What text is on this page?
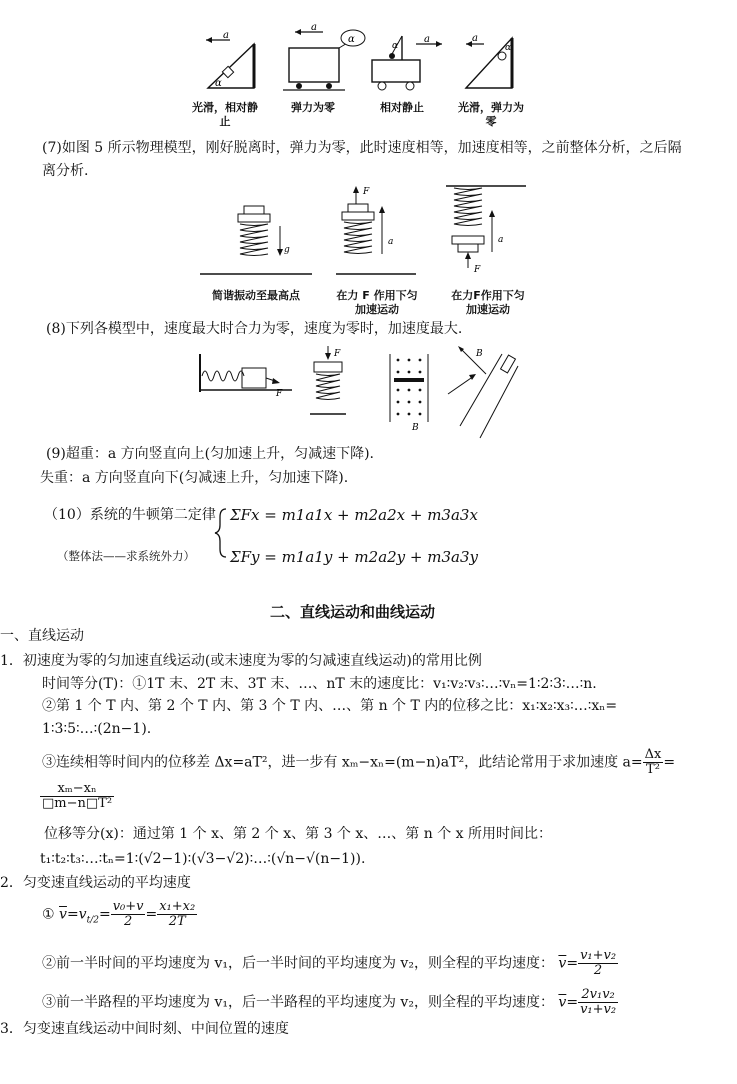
a
α
a
α
α
a	a
α
光滑，相对静止
弹力为零	相对静止	光滑，弹力为零
(7)如图 5 所示物理模型，刚好脱离时，弹力为零，此时速度相等，加速度相等，之前整体分析，之后隔离分析.
g
F
a
F
a
简谐振动至最高点	在力 F 作用下匀加速运动
在力F作用下匀加速运动
(8)下列各模型中，速度最大时合力为零，速度为零时，加速度最大.
F
F
B
B
(9)超重：a 方向竖直向上(匀加速上升，匀减速下降).
失重：a 方向竖直向下(匀减速上升，匀加速下降).
（10）系统的牛顿第二定律
（整体法——求系统外力）
ΣFx = m1a1x + m2a2x + m3a3x
ΣFy = m1a1y + m2a2y + m3a3y
二、直线运动和曲线运动
一、直线运动
1．初速度为零的匀加速直线运动(或末速度为零的匀减速直线运动)的常用比例
时间等分(T)：①1T 末、2T 末、3T 末、…、nT 末的速度比：v₁∶v₂∶v₃∶…∶vₙ=1∶2∶3∶…∶n.
②第 1 个 T 内、第 2 个 T 内、第 3 个 T 内、…、第 n 个 T 内的位移之比：x₁∶x₂∶x₃∶…∶xₙ=
1∶3∶5∶…∶(2n−1).
③连续相等时间内的位移差 Δx=aT²，进一步有 xₘ−xₙ=(m−n)aT²，此结论常用于求加速度 $a= \frac{\Delta x}{\text{T²}}$ =
$\frac{\text{xₘ−xₙ}}{\text{□m−n□T²}}$
位移等分(x)：通过第 1 个 x、第 2 个 x、第 3 个 x、…、第 n 个 x 所用时间比：
t₁∶t₂∶t₃∶…∶tₙ=1∶(√2−1)∶(√3−√2)∶…∶(√n−√(n−1)).
2．匀变速直线运动的平均速度
① $\overline{v}=v_{t/2}= \frac{\text{v₀+v}}{2} = \frac{\text{x₁+x₂}}{2T}$
②前一半时间的平均速度为 v₁，后一半时间的平均速度为 v₂，则全程的平均速度： $\overline{v}= \frac{\text{v₁+v₂}}{2}$
③前一半路程的平均速度为 v₁，后一半路程的平均速度为 v₂，则全程的平均速度： $\overline{v}= \frac{\text{2v₁v₂}}{\text{v₁+v₂}}$
3．匀变速直线运动中间时刻、中间位置的速度
